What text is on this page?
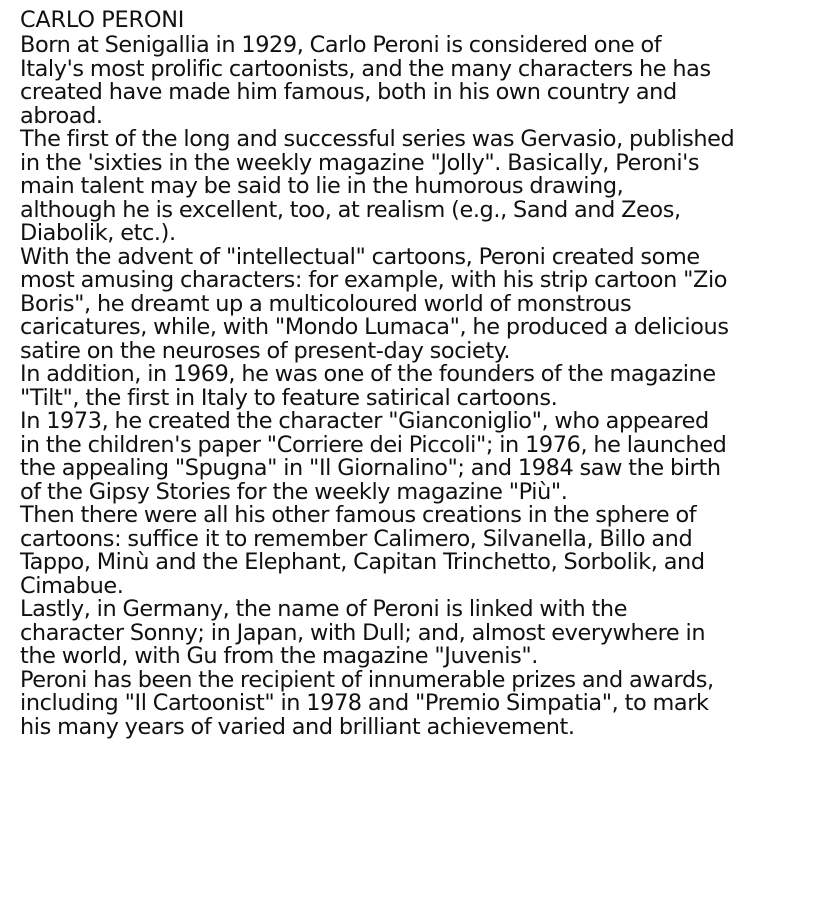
CARLO PERONI

Born at Senigallia in 1929, Carlo Peroni is considered one of
Italy's most prolific cartoonists, and the many characters he has
created have made him famous, both in his own country and
abroad.

The first of the long and successful series was Gervasio, published
in the 'sixties in the weekly magazine "Jolly". Basically, Peroni's
main talent may be said to lie in the humorous drawing,
although he is excellent, too, at realism (e.g., Sand and Zeos,
Diabolik, etc.).

With the advent of "intellectual" cartoons, Peroni created some
most amusing characters: for example, with his strip cartoon "Zio
Boris", he dreamt up a multicoloured world of monstrous
caricatures, while, with "Mondo Lumaca", he produced a delicious
satire on the neuroses of present-day society.

In addition, in 1969, he was one of the founders of the magazine
"Tilt", the first in Italy to feature satirical cartoons.

In 1973, he created the character "Gianconiglio", who appeared
in the children's paper "Corriere dei Piccoli"; in 1976, he launched
the appealing "Spugna" in "Il Giornalino"; and 1984 saw the birth
of the Gipsy Stories for the weekly magazine "Più".

Then there were all his other famous creations in the sphere of
cartoons: suffice it to remember Calimero, Silvanella, Billo and
Tappo, Minù and the Elephant, Capitan Trinchetto, Sorbolik, and
Cimabue.

Lastly, in Germany, the name of Peroni is linked with the
character Sonny; in Japan, with Dull; and, almost everywhere in
the world, with Gu from the magazine "Juvenis".

Peroni has been the recipient of innumerable prizes and awards,
including "Il Cartoonist" in 1978 and "Premio Simpatia", to mark
his many years of varied and brilliant achievement.
